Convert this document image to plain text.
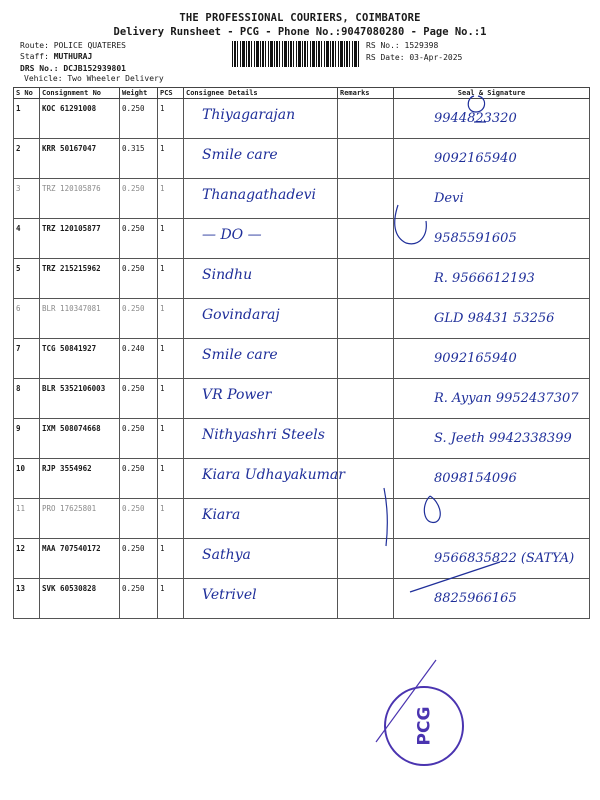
THE PROFESSIONAL COURIERS, COIMBATORE
Delivery Runsheet - PCG - Phone No.:9047080280 - Page No.:1
Route: POLICE QUATERES
Staff: MUTHURAJ
DRS No.: DCJB152939801
Vehicle: Two Wheeler Delivery
RS No.: 1529398
RS Date: 03-Apr-2025
S No	Consignment No	Weight	PCS	Consignee Details	Remarks	Seal & Signature
1	KOC 61291008	0.250	1	Thiyagarajan		9944823320

2	KRR 50167047	0.315	1	Smile care		9092165940

3	TRZ 120105876	0.250	1	Thanagathadevi		Devi

4	TRZ 120105877	0.250	1	— DO —		9585591605

5	TRZ 215215962	0.250	1	Sindhu		R. 9566612193

6	BLR 110347081	0.250	1	Govindaraj		GLD 98431 53256

7	TCG 50841927	0.240	1	Smile care		9092165940

8	BLR 5352106003	0.250	1	VR Power		R. Ayyan 9952437307

9	IXM 508074668	0.250	1	Nithyashri Steels		S. Jeeth 9942338399

10	RJP 3554962	0.250	1	Kiara Udhayakumar		8098154096

11	PRO 17625801	0.250	1	Kiara		

12	MAA 707540172	0.250	1	Sathya		9566835822 (SATYA)

13	SVK 60530828	0.250	1	Vetrivel		8825966165
PCG
